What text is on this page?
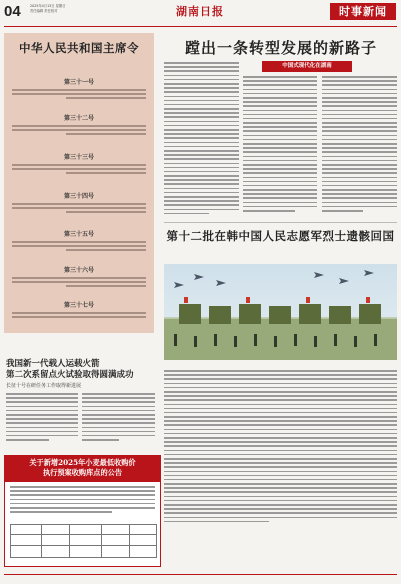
04	2025年4月13日 星期日
责任编辑 责任校对	湖南日报	时事新闻
中华人民共和国主席令
第三十一号
第三十二号
第三十三号
第三十四号
第三十五号
第三十六号
第三十七号
我国新一代载人运载火箭
第二次系留点火试验取得圆满成功
长征十号在研任务工作取得新进展
关于新增2025年小麦最低收购价
执行预案收购库点的公告
蹚出一条转型发展的新路子
中国式现代化在湖南
第十二批在韩中国人民志愿军烈士遗骸回国
